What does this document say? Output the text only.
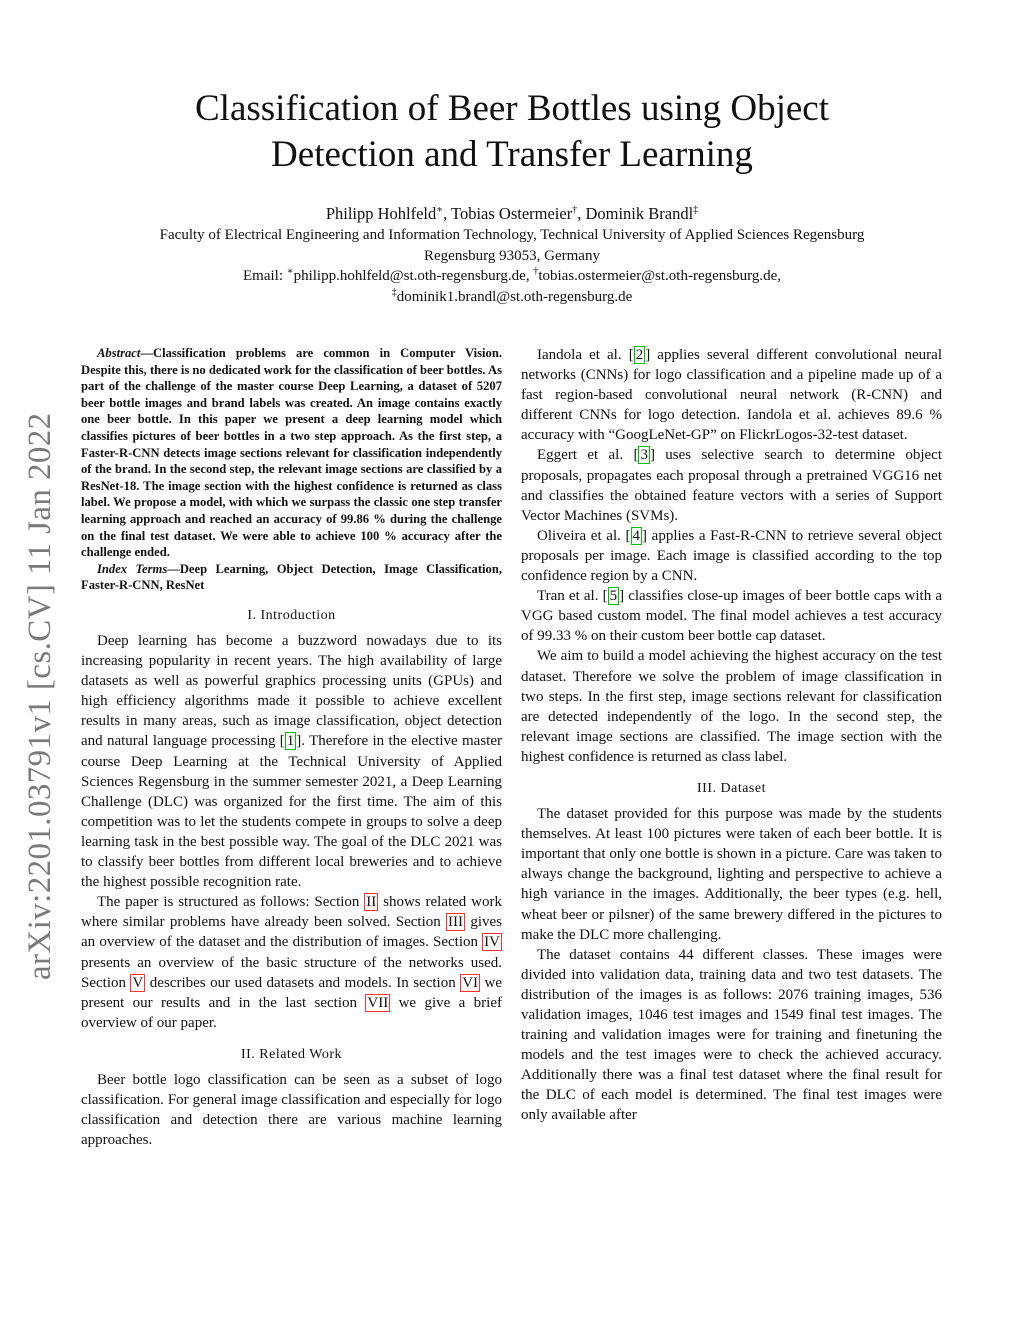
arXiv:2201.03791v1 [cs.CV] 11 Jan 2022
Classification of Beer Bottles using Object
Detection and Transfer Learning
Philipp Hohlfeld∗, Tobias Ostermeier†, Dominik Brandl‡
Faculty of Electrical Engineering and Information Technology, Technical University of Applied Sciences Regensburg
Regensburg 93053, Germany
Email: ∗philipp.hohlfeld@st.oth-regensburg.de, †tobias.ostermeier@st.oth-regensburg.de,
‡dominik1.brandl@st.oth-regensburg.de

Abstract—Classification problems are common in Computer Vision. Despite this, there is no dedicated work for the classification of beer bottles. As part of the challenge of the master course Deep Learning, a dataset of 5207 beer bottle images and brand labels was created. An image contains exactly one beer bottle. In this paper we present a deep learning model which classifies pictures of beer bottles in a two step approach. As the first step, a Faster-R-CNN detects image sections relevant for classification independently of the brand. In the second step, the relevant image sections are classified by a ResNet-18. The image section with the highest confidence is returned as class label. We propose a model, with which we surpass the classic one step transfer learning approach and reached an accuracy of 99.86 % during the challenge on the final test dataset. We were able to achieve 100 % accuracy after the challenge ended.

Index Terms—Deep Learning, Object Detection, Image Classification, Faster-R-CNN, ResNet

I. Introduction

Deep learning has become a buzzword nowadays due to its increasing popularity in recent years. The high availability of large datasets as well as powerful graphics processing units (GPUs) and high efficiency algorithms made it possible to achieve excellent results in many areas, such as image classification, object detection and natural language processing [ 1 ]. Therefore in the elective master course Deep Learning at the Technical University of Applied Sciences Regensburg in the summer semester 2021, a Deep Learning Challenge (DLC) was organized for the first time. The aim of this competition was to let the students compete in groups to solve a deep learning task in the best possible way. The goal of the DLC 2021 was to classify beer bottles from different local breweries and to achieve the highest possible recognition rate.

The paper is structured as follows: Section II shows related work where similar problems have already been solved. Section III gives an overview of the dataset and the distribution of images. Section IV presents an overview of the basic structure of the networks used. Section V describes our used datasets and models. In section VI we present our results and in the last section VII we give a brief overview of our paper.

II. Related Work

Beer bottle logo classification can be seen as a subset of logo classification. For general image classification and especially for logo classification and detection there are various machine learning approaches.

Iandola et al. [ 2 ] applies several different convolutional neural networks (CNNs) for logo classification and a pipeline made up of a fast region-based convolutional neural network (R-CNN) and different CNNs for logo detection. Iandola et al. achieves 89.6 % accuracy with “GoogLeNet-GP” on FlickrLogos-32-test dataset.

Eggert et al. [ 3 ] uses selective search to determine object proposals, propagates each proposal through a pretrained VGG16 net and classifies the obtained feature vectors with a series of Support Vector Machines (SVMs).

Oliveira et al. [ 4 ] applies a Fast-R-CNN to retrieve several object proposals per image. Each image is classified according to the top confidence region by a CNN.

Tran et al. [ 5 ] classifies close-up images of beer bottle caps with a VGG based custom model. The final model achieves a test accuracy of 99.33 % on their custom beer bottle cap dataset.

We aim to build a model achieving the highest accuracy on the test dataset. Therefore we solve the problem of image classification in two steps. In the first step, image sections relevant for classification are detected independently of the logo. In the second step, the relevant image sections are classified. The image section with the highest confidence is returned as class label.

III. Dataset

The dataset provided for this purpose was made by the students themselves. At least 100 pictures were taken of each beer bottle. It is important that only one bottle is shown in a picture. Care was taken to always change the background, lighting and perspective to achieve a high variance in the images. Additionally, the beer types (e.g. hell, wheat beer or pilsner) of the same brewery differed in the pictures to make the DLC more challenging.

The dataset contains 44 different classes. These images were divided into validation data, training data and two test datasets. The distribution of the images is as follows: 2076 training images, 536 validation images, 1046 test images and 1549 final test images. The training and validation images were for training and finetuning the models and the test images were to check the achieved accuracy. Additionally there was a final test dataset where the final result for the DLC of each model is determined. The final test images were only available after
